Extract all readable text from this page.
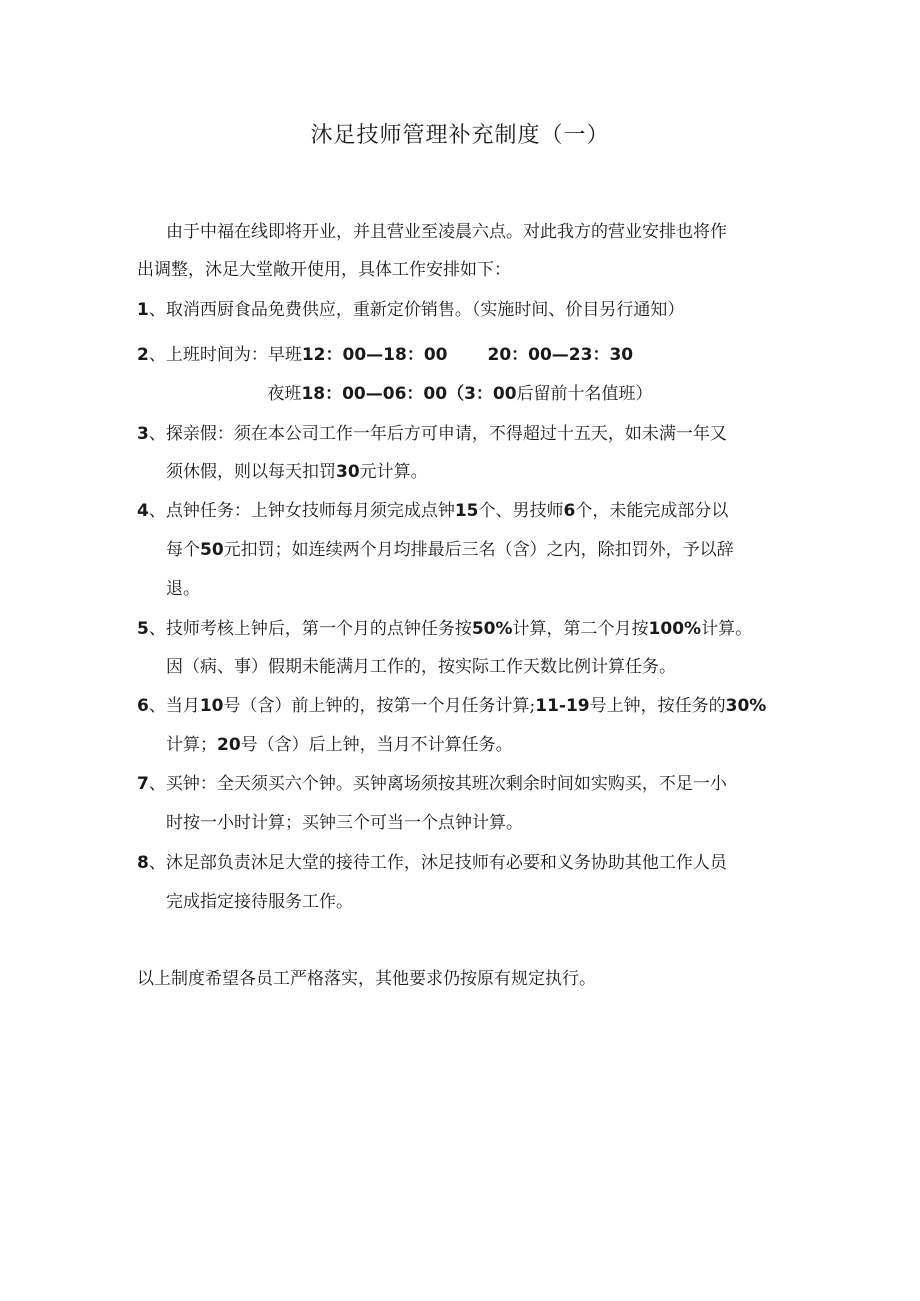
沐足技师管理补充制度（一）
由于中福在线即将开业，并且营业至凌晨六点。对此我方的营业安排也将作
出调整，沐足大堂敞开使用，具体工作安排如下：
1、取消西厨食品免费供应，重新定价销售。（实施时间、价目另行通知）
2、上班时间为：早班12：00—18：00 20：00—23：30
夜班18：00—06：00（3：00后留前十名值班）
3、探亲假：须在本公司工作一年后方可申请，不得超过十五天，如未满一年又
须休假，则以每天扣罚30元计算。
4、点钟任务：上钟女技师每月须完成点钟15个、男技师6个，未能完成部分以
每个50元扣罚；如连续两个月均排最后三名（含）之内，除扣罚外，予以辞
退。
5、技师考核上钟后，第一个月的点钟任务按50%计算，第二个月按100%计算。
因（病、事）假期未能满月工作的，按实际工作天数比例计算任务。
6、当月10号（含）前上钟的，按第一个月任务计算;11-19号上钟，按任务的30%
计算；20号（含）后上钟，当月不计算任务。
7、买钟：全天须买六个钟。买钟离场须按其班次剩余时间如实购买，不足一小
时按一小时计算；买钟三个可当一个点钟计算。
8、沐足部负责沐足大堂的接待工作，沐足技师有必要和义务协助其他工作人员
完成指定接待服务工作。
以上制度希望各员工严格落实，其他要求仍按原有规定执行。
